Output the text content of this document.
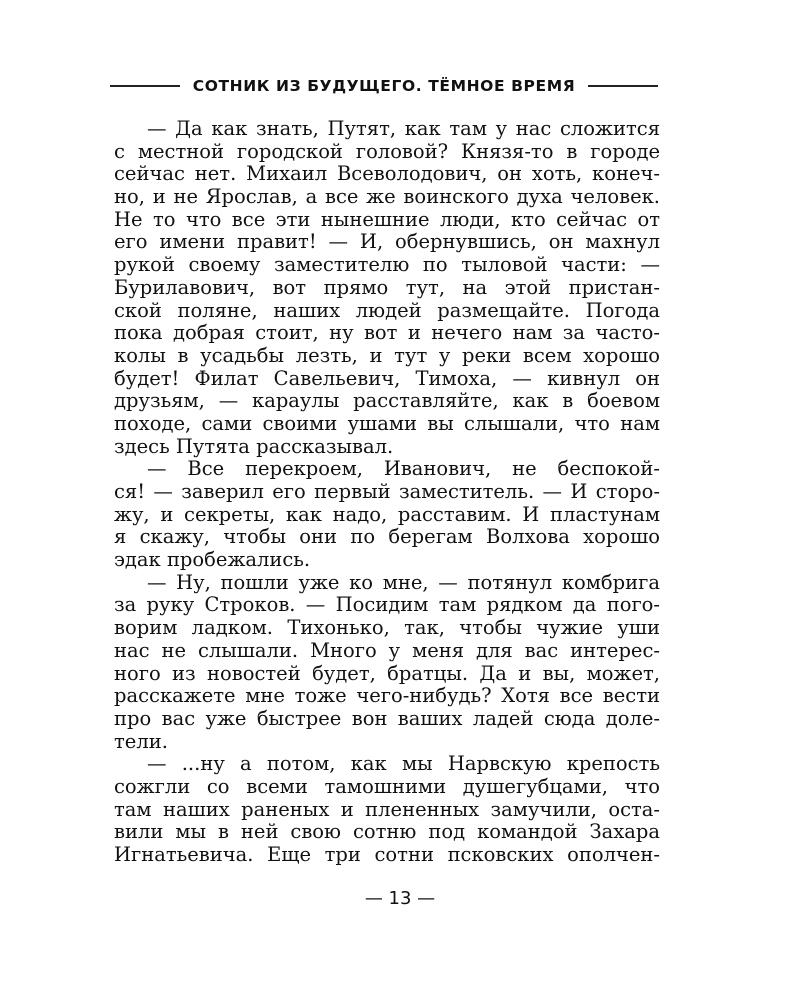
СОТНИК ИЗ БУДУЩЕГО. ТЁМНОЕ ВРЕМЯ
— Да как знать, Путят, как там у нас сложится
с местной городской головой? Князя-то в городе
сейчас нет. Михаил Всеволодович, он хоть, конеч-
но, и не Ярослав, а все же воинского духа человек.
Не то что все эти нынешние люди, кто сейчас от
его имени правит! — И, обернувшись, он махнул
рукой своему заместителю по тыловой части: —
Бурилавович, вот прямо тут, на этой пристан-
ской поляне, наших людей размещайте. Погода
пока добрая стоит, ну вот и нечего нам за часто-
колы в усадьбы лезть, и тут у реки всем хорошо
будет! Филат Савельевич, Тимоха, — кивнул он
друзьям, — караулы расставляйте, как в боевом
походе, сами своими ушами вы слышали, что нам
здесь Путята рассказывал.
— Все перекроем, Иванович, не беспокой-
ся! — заверил его первый заместитель. — И сторо-
жу, и секреты, как надо, расставим. И пластунам
я скажу, чтобы они по берегам Волхова хорошо
эдак пробежались.
— Ну, пошли уже ко мне, — потянул комбрига
за руку Строков. — Посидим там рядком да пого-
ворим ладком. Тихонько, так, чтобы чужие уши
нас не слышали. Много у меня для вас интерес-
ного из новостей будет, братцы. Да и вы, может,
расскажете мне тоже чего-нибудь? Хотя все вести
про вас уже быстрее вон ваших ладей сюда доле-
тели.
— ...ну а потом, как мы Нарвскую крепость
сожгли со всеми тамошними душегубцами, что
там наших раненых и плененных замучили, оста-
вили мы в ней свою сотню под командой Захара
Игнатьевича. Еще три сотни псковских ополчен-
— 13 —
